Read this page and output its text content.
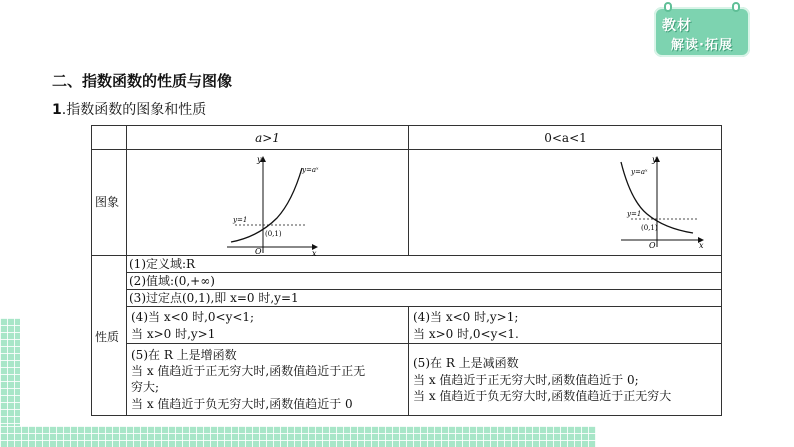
教材
解读·拓展
二、指数函数的性质与图像
1.指数函数的图象和性质
a>1	0<a<1
图象
y
x
y=aˣ
O
(0,1)
y=1
y
x
y=aˣ
O
(0,1)
y=1
性质
(1)定义域:R
(2)值域:(0,+∞)
(3)过定点(0,1),即 x=0 时,y=1
(4)当 x<0 时,0<y<1;
当 x>0 时,y>1
(4)当 x<0 时,y>1;
当 x>0 时,0<y<1.
(5)在 R 上是增函数
当 x 值趋近于正无穷大时,函数值趋近于正无
穷大;
当 x 值趋近于负无穷大时,函数值趋近于 0
(5)在 R 上是减函数
当 x 值趋近于正无穷大时,函数值趋近于 0;
当 x 值趋近于负无穷大时,函数值趋近于正无穷大
